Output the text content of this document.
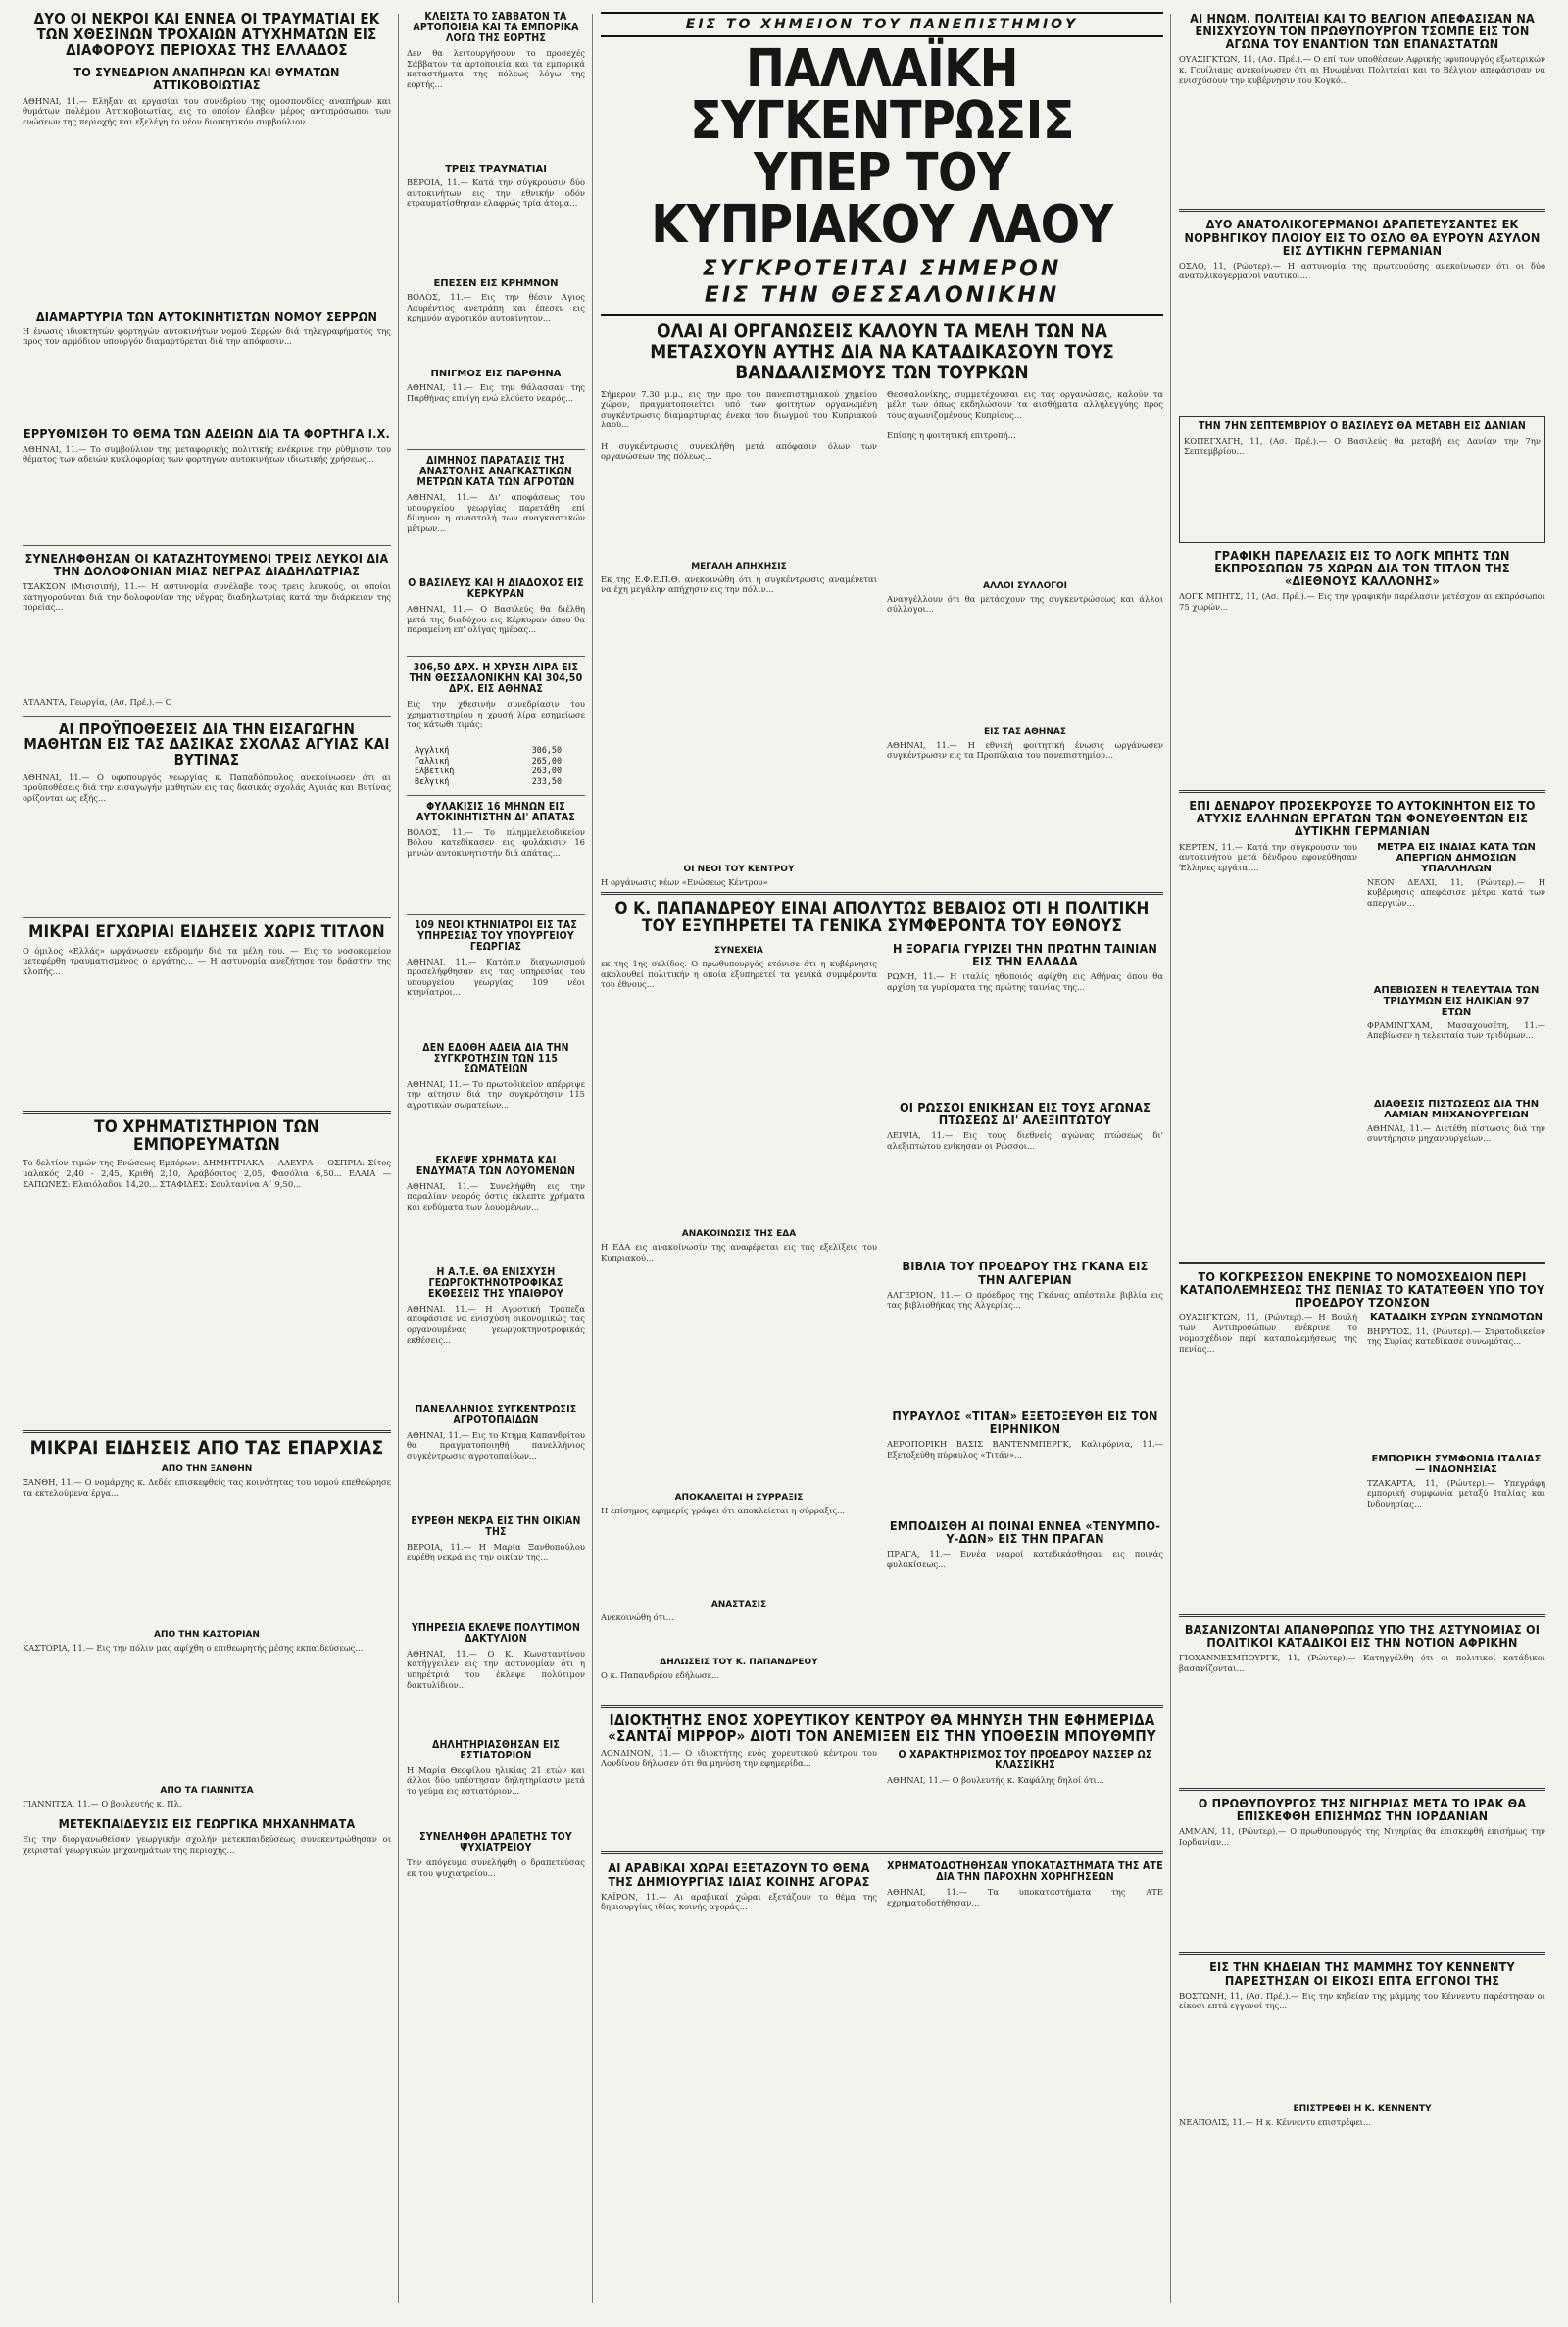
ΔΥΟ ΟΙ ΝΕΚΡΟΙ ΚΑΙ ΕΝΝΕΑ ΟΙ ΤΡΑΥΜΑΤΙΑΙ ΕΚ ΤΩΝ ΧΘΕΣΙΝΩΝ ΤΡΟΧΑΙΩΝ ΑΤΥΧΗΜΑΤΩΝ ΕΙΣ ΔΙΑΦΟΡΟΥΣ ΠΕΡΙΟΧΑΣ ΤΗΣ ΕΛΛΑΔΟΣ
ΤΟ ΣΥΝΕΔΡΙΟΝ ΑΝΑΠΗΡΩΝ ΚΑΙ ΘΥΜΑΤΩΝ ΑΤΤΙΚΟΒΟΙΩΤΙΑΣ

ΑΘΗΝΑΙ, 11.— Εληξαν αι εργασίαι του συνεδρίου της ομοσπονδίας αναπήρων και θυμάτων πολέμου Αττικοβοιωτίας, εις το οποίον έλαβον μέρος αντιπρόσωποι των ενώσεων της περιοχής και εξελέγη το νέον διοικητικόν συμβούλιον...

ΔΙΑΜΑΡΤΥΡΙΑ ΤΩΝ ΑΥΤΟΚΙΝΗΤΙΣΤΩΝ ΝΟΜΟΥ ΣΕΡΡΩΝ

Η ένωσις ιδιοκτητών φορτηγών αυτοκινήτων νομού Σερρών διά τηλεγραφήματός της προς τον αρμόδιον υπουργόν διαμαρτύρεται διά την απόφασιν...

ΕΡΡΥΘΜΙΣΘΗ ΤΟ ΘΕΜΑ ΤΩΝ ΑΔΕΙΩΝ ΔΙΑ ΤΑ ΦΟΡΤΗΓΑ Ι.Χ.

ΑΘΗΝΑΙ, 11.— Το συμβούλιον της μεταφορικής πολιτικής ενέκρινε την ρύθμισιν του θέματος των αδειών κυκλοφορίας των φορτηγών αυτοκινήτων ιδιωτικής χρήσεως...

ΣΥΝΕΛΗΦΘΗΣΑΝ ΟΙ ΚΑΤΑΖΗΤΟΥΜΕΝΟΙ ΤΡΕΙΣ ΛΕΥΚΟΙ ΔΙΑ ΤΗΝ ΔΟΛΟΦΟΝΙΑΝ ΜΙΑΣ ΝΕΓΡΑΣ ΔΙΑΔΗΛΩΤΡΙΑΣ

ΤΣΑΚΣΟΝ (Μισισιπή), 11.— Η αστυνομία συνέλαβε τους τρεις λευκούς, οι οποίοι κατηγορούνται διά την δολοφονίαν της νέγρας διαδηλωτρίας κατά την διάρκειαν της πορείας...

ΑΤΛΑΝΤΑ, Γεωργία, (Ασ. Πρέ.).— Ο

ΑΙ ΠΡΟΫΠΟΘΕΣΕΙΣ ΔΙΑ ΤΗΝ ΕΙΣΑΓΩΓΗΝ ΜΑΘΗΤΩΝ ΕΙΣ ΤΑΣ ΔΑΣΙΚΑΣ ΣΧΟΛΑΣ ΑΓΥΙΑΣ ΚΑΙ ΒΥΤΙΝΑΣ

ΑΘΗΝΑΙ, 11.— Ο υφυπουργός γεωργίας κ. Παπαδόπουλος ανεκοίνωσεν ότι αι προϋποθέσεις διά την εισαγωγήν μαθητών εις τας δασικάς σχολάς Αγυιάς και Βυτίνας ορίζονται ως εξής...

ΜΙΚΡΑΙ ΕΓΧΩΡΙΑΙ ΕΙΔΗΣΕΙΣ ΧΩΡΙΣ ΤΙΤΛΟΝ

Ο όμιλος «Ελλάς» ωργάνωσεν εκδρομήν διά τα μέλη του. — Εις το νοσοκομείον μετεφέρθη τραυματισμένος ο εργάτης... — Η αστυνομία ανεζήτησε τον δράστην της κλοπής...

ΤΟ ΧΡΗΜΑΤΙΣΤΗΡΙΟΝ ΤΩΝ ΕΜΠΟΡΕΥΜΑΤΩΝ

Το δελτίον τιμών της Ενώσεως Εμπόρων: ΔΗΜΗΤΡΙΑΚΑ — ΑΛΕΥΡΑ — ΟΣΠΡΙΑ: Σίτος μαλακός 2,40 - 2,45, Κριθή 2,10, Αραβόσιτος 2,05, Φασόλια 6,50... ΕΛΑΙΑ — ΣΑΠΩΝΕΣ: Ελαιόλαδον 14,20... ΣΤΑΦΙΔΕΣ: Σουλτανίνα Α΄ 9,50...

ΜΙΚΡΑΙ ΕΙΔΗΣΕΙΣ ΑΠΟ ΤΑΣ ΕΠΑΡΧΙΑΣ
ΑΠΟ ΤΗΝ ΞΑΝΘΗΝ

ΞΑΝΘΗ, 11.— Ο νομάρχης κ. Δεδές επισκεφθείς τας κοινότητας του νομού επεθεώρησε τα εκτελούμενα έργα...

ΑΠΟ ΤΗΝ ΚΑΣΤΟΡΙΑΝ

ΚΑΣΤΟΡΙΑ, 11.— Εις την πόλιν μας αφίχθη ο επιθεωρητής μέσης εκπαιδεύσεως...

ΑΠΟ ΤΑ ΓΙΑΝΝΙΤΣΑ

ΓΙΑΝΝΙΤΣΑ, 11.— Ο βουλευτής κ. Πλ.

ΜΕΤΕΚΠΑΙΔΕΥΣΙΣ ΕΙΣ ΓΕΩΡΓΙΚΑ ΜΗΧΑΝΗΜΑΤΑ

Εις την διοργανωθείσαν γεωργικήν σχολήν μετεκπαιδεύσεως συνεκεντρώθησαν οι χειρισταί γεωργικών μηχανημάτων της περιοχής...

ΚΛΕΙΣΤΑ ΤΟ ΣΑΒΒΑΤΟΝ ΤΑ ΑΡΤΟΠΟΙΕΙΑ ΚΑΙ ΤΑ ΕΜΠΟΡΙΚΑ ΛΟΓΩ ΤΗΣ ΕΟΡΤΗΣ

Δεν θα λειτουργήσουν το προσεχές Σάββατον τα αρτοποιεία και τα εμπορικά καταστήματα της πόλεως λόγω της εορτής...

ΤΡΕΙΣ ΤΡΑΥΜΑΤΙΑΙ

ΒΕΡΟΙΑ, 11.— Κατά την σύγκρουσιν δύο αυτοκινήτων εις την εθνικήν οδόν ετραυματίσθησαν ελαφρώς τρία άτομα...

ΕΠΕΣΕΝ ΕΙΣ ΚΡΗΜΝΟΝ

ΒΟΛΟΣ, 11.— Εις την θέσιν Αγιος Λαυρέντιος ανετράπη και έπεσεν εις κρημνόν αγροτικόν αυτοκίνητον...

ΠΝΙΓΜΟΣ ΕΙΣ ΠΑΡΘΗΝΑ

ΑΘΗΝΑΙ, 11.— Εις την θάλασσαν της Παρθήνας επνίγη ενώ ελούετο νεαρός...

ΔΙΜΗΝΟΣ ΠΑΡΑΤΑΣΙΣ ΤΗΣ ΑΝΑΣΤΟΛΗΣ ΑΝΑΓΚΑΣΤΙΚΩΝ ΜΕΤΡΩΝ ΚΑΤΑ ΤΩΝ ΑΓΡΟΤΩΝ

ΑΘΗΝΑΙ, 11.— Δι' αποφάσεως του υπουργείου γεωργίας παρετάθη επί δίμηνον η αναστολή των αναγκαστικών μέτρων...

Ο ΒΑΣΙΛΕΥΣ ΚΑΙ Η ΔΙΑΔΟΧΟΣ ΕΙΣ ΚΕΡΚΥΡΑΝ

ΑΘΗΝΑΙ, 11.— Ο Βασιλεύς θα διέλθη μετά της διαδόχου εις Κέρκυραν όπου θα παραμείνη επ' ολίγας ημέρας...

306,50 ΔΡΧ. Η ΧΡΥΣΗ ΛΙΡΑ ΕΙΣ ΤΗΝ ΘΕΣΣΑΛΟΝΙΚΗΝ ΚΑΙ 304,50 ΔΡΧ. ΕΙΣ ΑΘΗΝΑΣ

Εις την χθεσινήν συνεδρίασιν του χρηματιστηρίου η χρυσή λίρα εσημείωσε τας κάτωθι τιμάς:

Αγγλική	306,50
Γαλλική	265,00
Ελβετική	263,00
Βελγική	233,50
ΦΥΛΑΚΙΣΙΣ 16 ΜΗΝΩΝ ΕΙΣ ΑΥΤΟΚΙΝΗΤΙΣΤΗΝ ΔΙ' ΑΠΑΤΑΣ

ΒΟΛΟΣ, 11.— Το πλημμελειοδικείον Βόλου κατεδίκασεν εις φυλάκισιν 16 μηνών αυτοκινητιστήν διά απάτας...

109 ΝΕΟΙ ΚΤΗΝΙΑΤΡΟΙ ΕΙΣ ΤΑΣ ΥΠΗΡΕΣΙΑΣ ΤΟΥ ΥΠΟΥΡΓΕΙΟΥ ΓΕΩΡΓΙΑΣ

ΑΘΗΝΑΙ, 11.— Κατόπιν διαγωνισμού προσελήφθησαν εις τας υπηρεσίας του υπουργείου γεωργίας 109 νέοι κτηνίατροι...

ΔΕΝ ΕΔΟΘΗ ΑΔΕΙΑ ΔΙΑ ΤΗΝ ΣΥΓΚΡΟΤΗΣΙΝ ΤΩΝ 115 ΣΩΜΑΤΕΙΩΝ

ΑΘΗΝΑΙ, 11.— Το πρωτοδικείον απέρριψε την αίτησιν διά την συγκρότησιν 115 αγροτικών σωματείων...

ΕΚΛΕΨΕ ΧΡΗΜΑΤΑ ΚΑΙ ΕΝΔΥΜΑΤΑ ΤΩΝ ΛΟΥΟΜΕΝΩΝ

ΑΘΗΝΑΙ, 11.— Συνελήφθη εις την παραλίαν νεαρός όστις έκλεπτε χρήματα και ενδύματα των λουομένων...

Η Α.Τ.Ε. ΘΑ ΕΝΙΣΧΥΣΗ ΓΕΩΡΓΟΚΤΗΝΟΤΡΟΦΙΚΑΣ ΕΚΘΕΣΕΙΣ ΤΗΣ ΥΠΑΙΘΡΟΥ

ΑΘΗΝΑΙ, 11.— Η Αγροτική Τράπεζα αποφάσισε να ενισχύση οικονομικώς τας οργανουμένας γεωργοκτηνοτροφικάς εκθέσεις...

ΠΑΝΕΛΛΗΝΙΟΣ ΣΥΓΚΕΝΤΡΩΣΙΣ ΑΓΡΟΤΟΠΑΙΔΩΝ

ΑΘΗΝΑΙ, 11.— Εις το Κτήμα Καπανδρίτου θα πραγματοποιηθή πανελλήνιος συγκέντρωσις αγροτοπαίδων...

ΕΥΡΕΘΗ ΝΕΚΡΑ ΕΙΣ ΤΗΝ ΟΙΚΙΑΝ ΤΗΣ

ΒΕΡΟΙΑ, 11.— Η Μαρία Ξανθοπούλου ευρέθη νεκρά εις την οικίαν της...

ΥΠΗΡΕΣΙΑ ΕΚΛΕΨΕ ΠΟΛΥΤΙΜΟΝ ΔΑΚΤΥΛΙΟΝ

ΑΘΗΝΑΙ, 11.— Ο Κ. Κωνσταντίνου κατήγγειλεν εις την αστυνομίαν ότι η υπηρέτριά του έκλεψε πολύτιμον δακτυλίδιον...

ΔΗΛΗΤΗΡΙΑΣΘΗΣΑΝ ΕΙΣ ΕΣΤΙΑΤΟΡΙΟΝ

Η Μαρία Θεοφίλου ηλικίας 21 ετών και άλλοι δύο υπέστησαν δηλητηρίασιν μετά το γεύμα εις εστιατόριον...

ΣΥΝΕΛΗΦΘΗ ΔΡΑΠΕΤΗΣ ΤΟΥ ΨΥΧΙΑΤΡΕΙΟΥ

Την απόγευμα συνελήφθη ο δραπετεύσας εκ του ψυχιατρείου...

ΕΙΣ ΤΟ ΧΗΜΕΙΟΝ ΤΟΥ ΠΑΝΕΠΙΣΤΗΜΙΟΥ
ΠΑΛΛΑΪΚΗ ΣΥΓΚΕΝΤΡΩΣΙΣ
ΥΠΕΡ ΤΟΥ ΚΥΠΡΙΑΚΟΥ ΛΑΟΥ
ΣΥΓΚΡΟΤΕΙΤΑΙ ΣΗΜΕΡΟΝ
ΕΙΣ ΤΗΝ ΘΕΣΣΑΛΟΝΙΚΗΝ
ΟΛΑΙ ΑΙ ΟΡΓΑΝΩΣΕΙΣ ΚΑΛΟΥΝ ΤΑ ΜΕΛΗ ΤΩΝ ΝΑ ΜΕΤΑΣΧΟΥΝ ΑΥΤΗΣ ΔΙΑ ΝΑ ΚΑΤΑΔΙΚΑΣΟΥΝ ΤΟΥΣ ΒΑΝΔΑΛΙΣΜΟΥΣ ΤΩΝ ΤΟΥΡΚΩΝ

Σήμερον 7.30 μ.μ., εις την προ του πανεπιστημιακού χημείου χώρον, πραγματοποιείται υπό των φοιτητών οργανωμένη συγκέντρωσις διαμαρτυρίας ένεκα του διωγμού του Κυπριακού λαού...

Η συγκέντρωσις συνεκλήθη μετά απόφασιν όλων των οργανώσεων της πόλεως...

ΜΕΓΑΛΗ ΑΠΗΧΗΣΙΣ

Εκ της Ε.Φ.Ε.Π.Θ. ανεκοινώθη ότι η συγκέντρωσις αναμένεται να έχη μεγάλην απήχησιν εις την πόλιν...

ΟΙ ΝΕΟΙ ΤΟΥ ΚΕΝΤΡΟΥ

Η οργάνωσις νέων «Ενώσεως Κέντρου»

Θεσσαλονίκης, συμμετέχουσαι εις τας οργανώσεις, καλούν τα μέλη των όπως εκδηλώσουν τα αισθήματα αλληλεγγύης προς τους αγωνιζομένους Κυπρίους...

Επίσης η φοιτητική επιτροπή...

ΑΛΛΟΙ ΣΥΛΛΟΓΟΙ

Αναγγέλλουν ότι θα μετάσχουν της συγκεντρώσεως και άλλοι σύλλογοι...

ΕΙΣ ΤΑΣ ΑΘΗΝΑΣ

ΑΘΗΝΑΙ, 11.— Η εθνική φοιτητική ένωσις ωργάνωσεν συγκέντρωσιν εις τα Προπύλαια του πανεπιστημίου...

Ο Κ. ΠΑΠΑΝΔΡΕΟΥ ΕΙΝΑΙ ΑΠΟΛΥΤΩΣ ΒΕΒΑΙΟΣ ΟΤΙ Η ΠΟΛΙΤΙΚΗ ΤΟΥ ΕΞΥΠΗΡΕΤΕΙ ΤΑ ΓΕΝΙΚΑ ΣΥΜΦΕΡΟΝΤΑ ΤΟΥ ΕΘΝΟΥΣ
ΣΥΝΕΧΕΙΑ

εκ της 1ης σελίδος. Ο πρωθυπουργός ετόνισε ότι η κυβέρνησις ακολουθεί πολιτικήν η οποία εξυπηρετεί τα γενικά συμφέροντα του έθνους...

ΑΝΑΚΟΙΝΩΣΙΣ ΤΗΣ ΕΔΑ

Η ΕΔΑ εις ανακοίνωσίν της αναφέρεται εις τας εξελίξεις του Κυπριακού...

ΑΠΟΚΑΛΕΙΤΑΙ Η ΣΥΡΡΑΞΙΣ

Η επίσημος εφημερίς γράφει ότι αποκλείεται η σύρραξις...

ΑΝΑΣΤΑΣΙΣ

Ανεκοινώθη ότι...

ΔΗΛΩΣΕΙΣ ΤΟΥ Κ. ΠΑΠΑΝΔΡΕΟΥ

Ο κ. Παπανδρέου εδήλωσε...

Η ΞΟΡΑΓΙΑ ΓΥΡΙΖΕΙ ΤΗΝ ΠΡΩΤΗΝ ΤΑΙΝΙΑΝ ΕΙΣ ΤΗΝ ΕΛΛΑΔΑ

ΡΩΜΗ, 11.— Η ιταλίς ηθοποιός αφίχθη εις Αθήνας όπου θα αρχίση τα γυρίσματα της πρώτης ταινίας της...

ΟΙ ΡΩΣΣΟΙ ΕΝΙΚΗΣΑΝ ΕΙΣ ΤΟΥΣ ΑΓΩΝΑΣ ΠΤΩΣΕΩΣ ΔΙ' ΑΛΕΞΙΠΤΩΤΟΥ

ΛΕΙΨΙΑ, 11.— Εις τους διεθνείς αγώνας πτώσεως δι' αλεξιπτώτου ενίκησαν οι Ρώσσοι...

ΒΙΒΛΙΑ ΤΟΥ ΠΡΟΕΔΡΟΥ ΤΗΣ ΓΚΑΝΑ ΕΙΣ ΤΗΝ ΑΛΓΕΡΙΑΝ

ΑΛΓΕΡΙΟΝ, 11.— Ο πρόεδρος της Γκάνας απέστειλε βιβλία εις τας βιβλιοθήκας της Αλγερίας...

ΠΥΡΑΥΛΟΣ «ΤΙΤΑΝ» ΕΞΕΤΟΞΕΥΘΗ ΕΙΣ ΤΟΝ ΕΙΡΗΝΙΚΟΝ

ΑΕΡΟΠΟΡΙΚΗ ΒΑΣΙΣ ΒΑΝΤΕΝΜΠΕΡΓΚ, Καλιφόρνια, 11.— Εξετοξεύθη πύραυλος «Τιτάν»...

ΕΜΠΟΔΙΣΘΗ ΑΙ ΠΟΙΝΑΙ ΕΝΝΕΑ «ΤΕΝΥΜΠΟ-Υ-ΔΩΝ» ΕΙΣ ΤΗΝ ΠΡΑΓΑΝ

ΠΡΑΓΑ, 11.— Εννέα νεαροί κατεδικάσθησαν εις ποινάς φυλακίσεως...

ΙΔΙΟΚΤΗΤΗΣ ΕΝΟΣ ΧΟΡΕΥΤΙΚΟΥ ΚΕΝΤΡΟΥ ΘΑ ΜΗΝΥΣΗ ΤΗΝ ΕΦΗΜΕΡΙΔΑ «ΣΑΝΤΑΪ ΜΙΡΡΟΡ» ΔΙΟΤΙ ΤΟΝ ΑΝΕΜΙΞΕΝ ΕΙΣ ΤΗΝ ΥΠΟΘΕΣΙΝ ΜΠΟΥΘΜΠΥ

ΛΟΝΔΙΝΟΝ, 11.— Ο ιδιοκτήτης ενός χορευτικού κέντρου του Λονδίνου δήλωσεν ότι θα μηνύση την εφημερίδα...

Ο ΧΑΡΑΚΤΗΡΙΣΜΟΣ ΤΟΥ ΠΡΟΕΔΡΟΥ ΝΑΣΣΕΡ ΩΣ ΚΛΑΣΣΙΚΗΣ

ΑΘΗΝΑΙ, 11.— Ο βουλευτής κ. Καφάλης δηλοί ότι...

ΑΙ ΑΡΑΒΙΚΑΙ ΧΩΡΑΙ ΕΞΕΤΑΖΟΥΝ ΤΟ ΘΕΜΑ ΤΗΣ ΔΗΜΙΟΥΡΓΙΑΣ ΙΔΙΑΣ ΚΟΙΝΗΣ ΑΓΟΡΑΣ

ΚΑΪΡΟΝ, 11.— Αι αραβικαί χώραι εξετάζουν το θέμα της δημιουργίας ιδίας κοινής αγοράς...

ΧΡΗΜΑΤΟΔΟΤΗΘΗΣΑΝ ΥΠΟΚΑΤΑΣΤΗΜΑΤΑ ΤΗΣ ΑΤΕ ΔΙΑ ΤΗΝ ΠΑΡΟΧΗΝ ΧΟΡΗΓΗΣΕΩΝ

ΑΘΗΝΑΙ, 11.— Τα υποκαταστήματα της ΑΤΕ εχρηματοδοτήθησαν...

ΑΙ ΗΝΩΜ. ΠΟΛΙΤΕΙΑΙ ΚΑΙ ΤΟ ΒΕΛΓΙΟΝ ΑΠΕΦΑΣΙΣΑΝ ΝΑ ΕΝΙΣΧΥΣΟΥΝ ΤΟΝ ΠΡΩΘΥΠΟΥΡΓΟΝ ΤΣΟΜΠΕ ΕΙΣ ΤΟΝ ΑΓΩΝΑ ΤΟΥ ΕΝΑΝΤΙΟΝ ΤΩΝ ΕΠΑΝΑΣΤΑΤΩΝ

ΟΥΑΣΙΓΚΤΩΝ, 11, (Ασ. Πρέ.).— Ο επί των υποθέσεων Αφρικής υφυπουργός εξωτερικών κ. Γουίλιαμς ανεκοίνωσεν ότι αι Ηνωμέναι Πολιτείαι και το Βέλγιον απεφάσισαν να ενισχύσουν την κυβέρνησιν του Κογκό...

ΔΥΟ ΑΝΑΤΟΛΙΚΟΓΕΡΜΑΝΟΙ ΔΡΑΠΕΤΕΥΣΑΝΤΕΣ ΕΚ ΝΟΡΒΗΓΙΚΟΥ ΠΛΟΙΟΥ ΕΙΣ ΤΟ ΟΣΛΟ ΘΑ ΕΥΡΟΥΝ ΑΣΥΛΟΝ ΕΙΣ ΔΥΤΙΚΗΝ ΓΕΡΜΑΝΙΑΝ

ΟΣΛΟ, 11, (Ρώυτερ).— Η αστυνομία της πρωτευούσης ανεκοίνωσεν ότι οι δύο ανατολικογερμανοί ναυτικοί...

ΤΗΝ 7ΗΝ ΣΕΠΤΕΜΒΡΙΟΥ Ο ΒΑΣΙΛΕΥΣ ΘΑ ΜΕΤΑΒΗ ΕΙΣ ΔΑΝΙΑΝ

ΚΟΠΕΓΧΑΓΗ, 11, (Ασ. Πρέ.).— Ο Βασιλεύς θα μεταβή εις Δανίαν την 7ην Σεπτεμβρίου...

ΓΡΑΦΙΚΗ ΠΑΡΕΛΑΣΙΣ ΕΙΣ ΤΟ ΛΟΓΚ ΜΠΗΤΣ ΤΩΝ ΕΚΠΡΟΣΩΠΩΝ 75 ΧΩΡΩΝ ΔΙΑ ΤΟΝ ΤΙΤΛΟΝ ΤΗΣ «ΔΙΕΘΝΟΥΣ ΚΑΛΛΟΝΗΣ»

ΛΟΓΚ ΜΠΗΤΣ, 11, (Ασ. Πρέ.).— Εις την γραφικήν παρέλασιν μετέσχον αι εκπρόσωποι 75 χωρών...

ΕΠΙ ΔΕΝΔΡΟΥ ΠΡΟΣΕΚΡΟΥΣΕ ΤΟ ΑΥΤΟΚΙΝΗΤΟΝ ΕΙΣ ΤΟ ΑΤΥΧΙΣ ΕΛΛΗΝΩΝ ΕΡΓΑΤΩΝ ΤΩΝ ΦΟΝΕΥΘΕΝΤΩΝ ΕΙΣ ΔΥΤΙΚΗΝ ΓΕΡΜΑΝΙΑΝ

ΚΕΡΤΕΝ, 11.— Κατά την σύγκρουσιν του αυτοκινήτου μετά δένδρου εφονεύθησαν Έλληνες εργάται...

ΜΕΤΡΑ ΕΙΣ ΙΝΔΙΑΣ ΚΑΤΑ ΤΩΝ ΑΠΕΡΓΙΩΝ ΔΗΜΟΣΙΩΝ ΥΠΑΛΛΗΛΩΝ

ΝΕΟΝ ΔΕΛΧΙ, 11, (Ρώυτερ).— Η κυβέρνησις απεφάσισε μέτρα κατά των απεργιών...

ΑΠΕΒΙΩΣΕΝ Η ΤΕΛΕΥΤΑΙΑ ΤΩΝ ΤΡΙΔΥΜΩΝ ΕΙΣ ΗΛΙΚΙΑΝ 97 ΕΤΩΝ

ΦΡΑΜΙΝΓΧΑΜ, Μασαχουσέτη, 11.— Απεβίωσεν η τελευταία των τριδύμων...

ΔΙΑΘΕΣΙΣ ΠΙΣΤΩΣΕΩΣ ΔΙΑ ΤΗΝ ΛΑΜΙΑΝ ΜΗΧΑΝΟΥΡΓΕΙΩΝ

ΑΘΗΝΑΙ, 11.— Διετέθη πίστωσις διά την συντήρησιν μηχανουργείων...

ΤΟ ΚΟΓΚΡΕΣΣΟΝ ΕΝΕΚΡΙΝΕ ΤΟ ΝΟΜΟΣΧΕΔΙΟΝ ΠΕΡΙ ΚΑΤΑΠΟΛΕΜΗΣΕΩΣ ΤΗΣ ΠΕΝΙΑΣ ΤΟ ΚΑΤΑΤΕΘΕΝ ΥΠΟ ΤΟΥ ΠΡΟΕΔΡΟΥ ΤΖΟΝΣΟΝ

ΟΥΑΣΙΓΚΤΩΝ, 11, (Ρώυτερ).— Η Βουλή των Αντιπροσώπων ενέκρινε το νομοσχέδιον περί καταπολεμήσεως της πενίας...

ΚΑΤΑΔΙΚΗ ΣΥΡΩΝ ΣΥΝΩΜΟΤΩΝ

ΒΗΡΥΤΟΣ, 11, (Ρώυτερ).— Στρατοδικείον της Συρίας κατεδίκασε συνωμότας...

ΕΜΠΟΡΙΚΗ ΣΥΜΦΩΝΙΑ ΙΤΑΛΙΑΣ — ΙΝΔΟΝΗΣΙΑΣ

ΤΖΑΚΑΡΤΑ, 11, (Ρώυτερ).— Υπεγράφη εμπορική συμφωνία μεταξύ Ιταλίας και Ινδονησίας...

ΒΑΣΑΝΙΖΟΝΤΑΙ ΑΠΑΝΘΡΩΠΩΣ ΥΠΟ ΤΗΣ ΑΣΤΥΝΟΜΙΑΣ ΟΙ ΠΟΛΙΤΙΚΟΙ ΚΑΤΑΔΙΚΟΙ ΕΙΣ ΤΗΝ ΝΟΤΙΟΝ ΑΦΡΙΚΗΝ

ΓΙΟΧΑΝΝΕΣΜΠΟΥΡΓΚ, 11, (Ρώυτερ).— Κατηγγέλθη ότι οι πολιτικοί κατάδικοι βασανίζονται...

Ο ΠΡΩΘΥΠΟΥΡΓΟΣ ΤΗΣ ΝΙΓΗΡΙΑΣ ΜΕΤΑ ΤΟ ΙΡΑΚ ΘΑ ΕΠΙΣΚΕΦΘΗ ΕΠΙΣΗΜΩΣ ΤΗΝ ΙΟΡΔΑΝΙΑΝ

ΑΜΜΑΝ, 11, (Ρώυτερ).— Ο πρωθυπουργός της Νιγηρίας θα επισκεφθή επισήμως την Ιορδανίαν...

ΕΙΣ ΤΗΝ ΚΗΔΕΙΑΝ ΤΗΣ ΜΑΜΜΗΣ ΤΟΥ ΚΕΝΝΕΝΤΥ ΠΑΡΕΣΤΗΣΑΝ ΟΙ ΕΙΚΟΣΙ ΕΠΤΑ ΕΓΓΟΝΟΙ ΤΗΣ

ΒΟΣΤΩΝΗ, 11, (Ασ. Πρέ.).— Εις την κηδείαν της μάμμης του Κέννεντυ παρέστησαν οι είκοσι επτά εγγονοί της...

ΕΠΙΣΤΡΕΦΕΙ Η Κ. ΚΕΝΝΕΝΤΥ

ΝΕΑΠΟΛΙΣ, 11.— Η κ. Κέννεντυ επιστρέφει...
